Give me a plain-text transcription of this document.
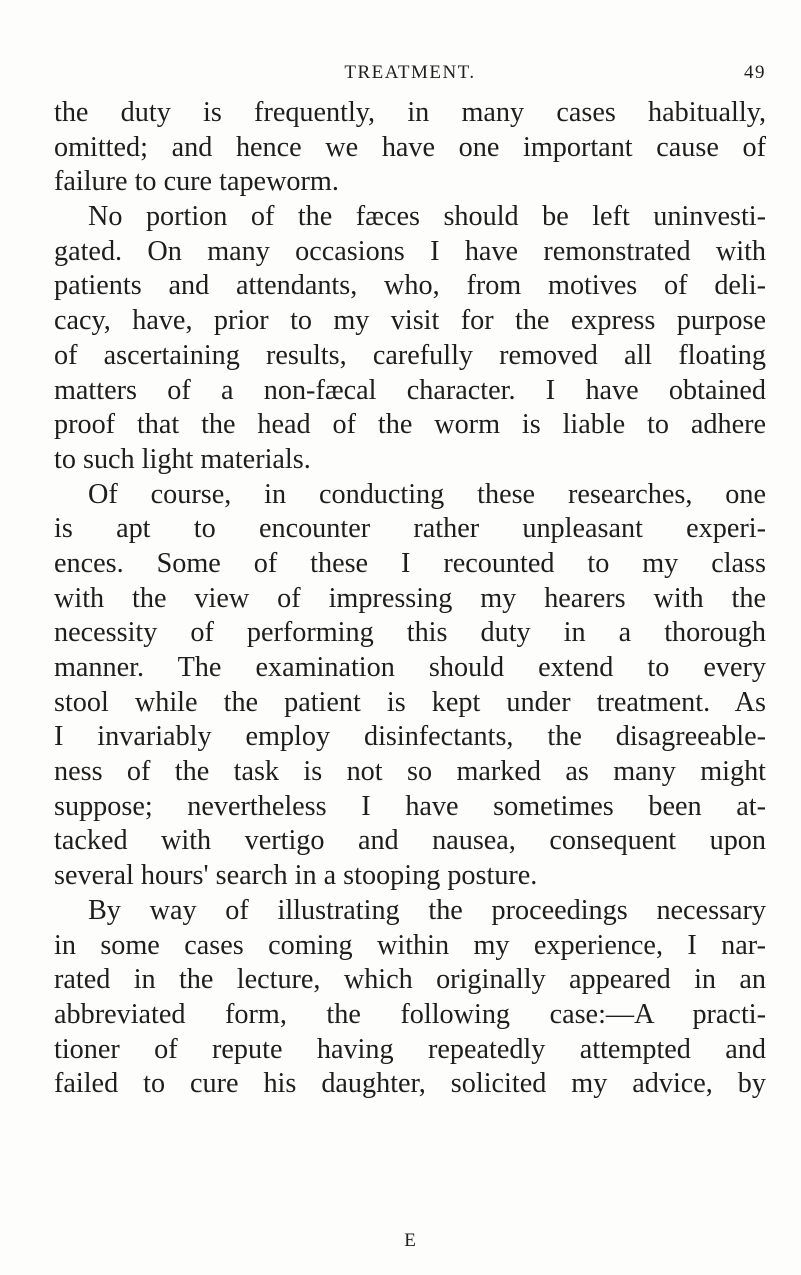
TREATMENT.	49
the duty is frequently, in many cases habitually,
omitted; and hence we have one important cause of
failure to cure tapeworm.
No portion of the fæces should be left uninvesti-
gated. On many occasions I have remonstrated with
patients and attendants, who, from motives of deli-
cacy, have, prior to my visit for the express purpose
of ascertaining results, carefully removed all floating
matters of a non-fæcal character. I have obtained
proof that the head of the worm is liable to adhere
to such light materials.
Of course, in conducting these researches, one
is apt to encounter rather unpleasant experi-
ences. Some of these I recounted to my class
with the view of impressing my hearers with the
necessity of performing this duty in a thorough
manner. The examination should extend to every
stool while the patient is kept under treatment. As
I invariably employ disinfectants, the disagreeable-
ness of the task is not so marked as many might
suppose; nevertheless I have sometimes been at-
tacked with vertigo and nausea, consequent upon
several hours' search in a stooping posture.
By way of illustrating the proceedings necessary
in some cases coming within my experience, I nar-
rated in the lecture, which originally appeared in an
abbreviated form, the following case:—A practi-
tioner of repute having repeatedly attempted and
failed to cure his daughter, solicited my advice, by
E
